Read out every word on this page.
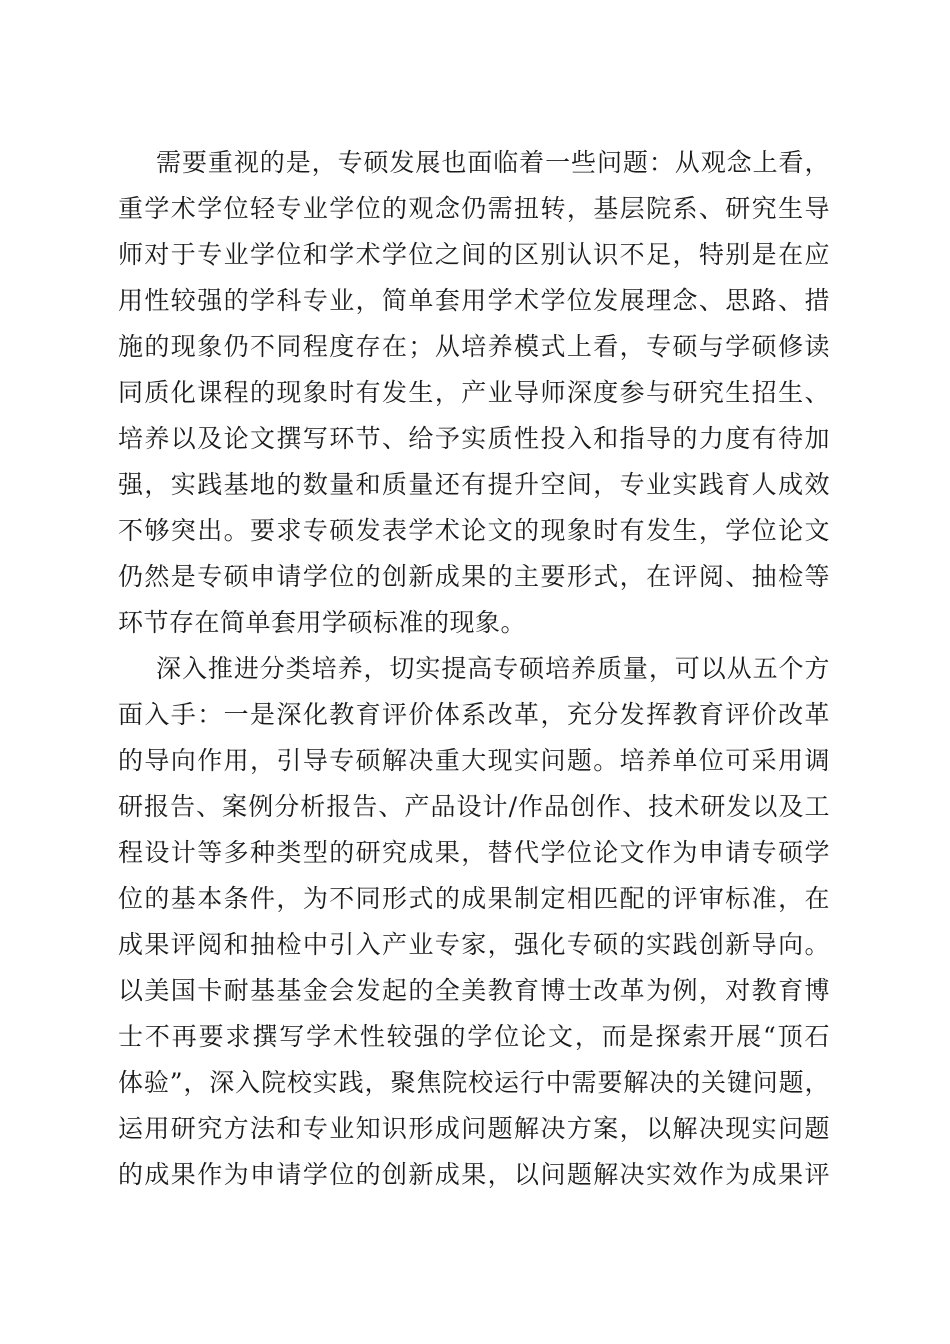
需要重视的是，专硕发展也面临着一些问题：从观念上看，
重学术学位轻专业学位的观念仍需扭转，基层院系、研究生导
师对于专业学位和学术学位之间的区别认识不足，特别是在应
用性较强的学科专业，简单套用学术学位发展理念、思路、措
施的现象仍不同程度存在；从培养模式上看，专硕与学硕修读
同质化课程的现象时有发生，产业导师深度参与研究生招生、
培养以及论文撰写环节、给予实质性投入和指导的力度有待加
强，实践基地的数量和质量还有提升空间，专业实践育人成效
不够突出。要求专硕发表学术论文的现象时有发生，学位论文
仍然是专硕申请学位的创新成果的主要形式，在评阅、抽检等
环节存在简单套用学硕标准的现象。
深入推进分类培养，切实提高专硕培养质量，可以从五个方
面入手：一是深化教育评价体系改革，充分发挥教育评价改革
的导向作用，引导专硕解决重大现实问题。培养单位可采用调
研报告、案例分析报告、产品设计/作品创作、技术研发以及工
程设计等多种类型的研究成果，替代学位论文作为申请专硕学
位的基本条件，为不同形式的成果制定相匹配的评审标准，在
成果评阅和抽检中引入产业专家，强化专硕的实践创新导向。
以美国卡耐基基金会发起的全美教育博士改革为例，对教育博
士不再要求撰写学术性较强的学位论文，而是探索开展“顶石
体验”，深入院校实践，聚焦院校运行中需要解决的关键问题，
运用研究方法和专业知识形成问题解决方案，以解决现实问题
的成果作为申请学位的创新成果，以问题解决实效作为成果评
